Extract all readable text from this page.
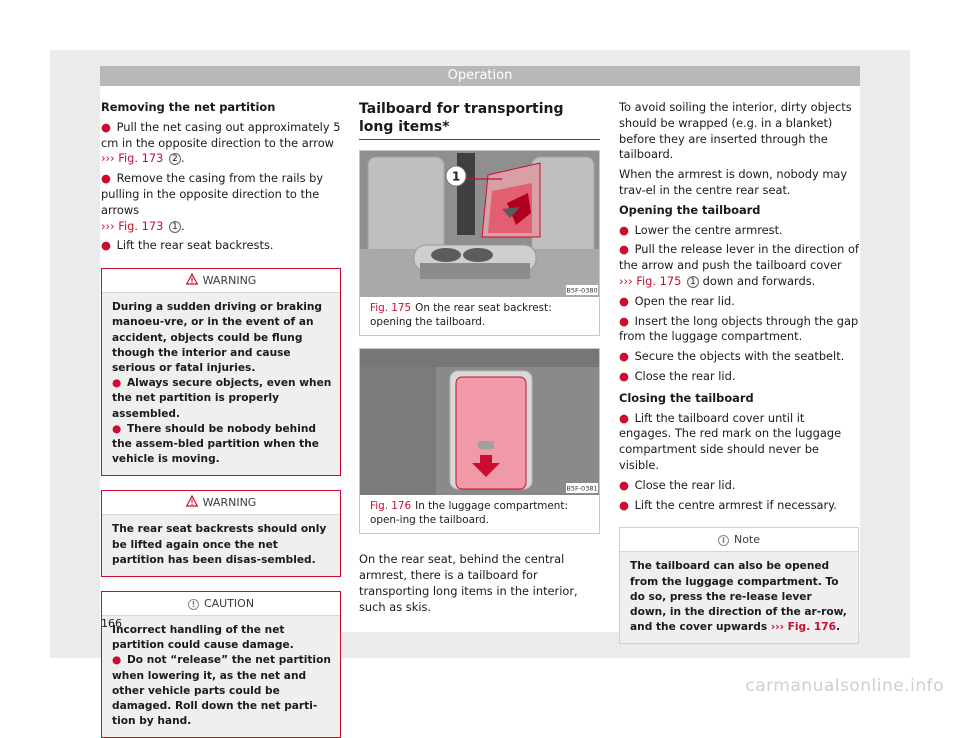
Operation
Removing the net partition
● Pull the net casing out approximately 5 cm in the opposite direction to the arrow
››› Fig. 173 2 .
● Remove the casing from the rails by pulling in the opposite direction to the arrows
››› Fig. 173 1 .
● Lift the rear seat backrests.
WARNING
During a sudden driving or braking manoeu-vre, or in the event of an accident, objects could be flung though the interior and cause serious or fatal injuries.
● Always secure objects, even when the net partition is properly assembled.
● There should be nobody behind the assem-bled partition when the vehicle is moving.
WARNING
The rear seat backrests should only be lifted again once the net partition has been disas-sembled.
! CAUTION
Incorrect handling of the net partition could cause damage.
● Do not “release” the net partition when lowering it, as the net and other vehicle parts could be damaged. Roll down the net parti-tion by hand.
Tailboard for transporting long items*
1
B5F-0380
Fig. 175 On the rear seat backrest: opening the tailboard.
B5F-0381
Fig. 176 In the luggage compartment: open-ing the tailboard.
On the rear seat, behind the central armrest, there is a tailboard for transporting long items in the interior, such as skis.
To avoid soiling the interior, dirty objects should be wrapped (e.g. in a blanket) before they are inserted through the tailboard.
When the armrest is down, nobody may trav-el in the centre rear seat.
Opening the tailboard
● Lower the centre armrest.
● Pull the release lever in the direction of the arrow and push the tailboard cover
››› Fig. 175 1 down and forwards.
● Open the rear lid.
● Insert the long objects through the gap from the luggage compartment.
● Secure the objects with the seatbelt.
● Close the rear lid.
Closing the tailboard
● Lift the tailboard cover until it engages. The red mark on the luggage compartment side should never be visible.
● Close the rear lid.
● Lift the centre armrest if necessary.
i Note
The tailboard can also be opened from the luggage compartment. To do so, press the re-lease lever down, in the direction of the ar-row, and the cover upwards ››› Fig. 176.
166
carmanualsonline.info
